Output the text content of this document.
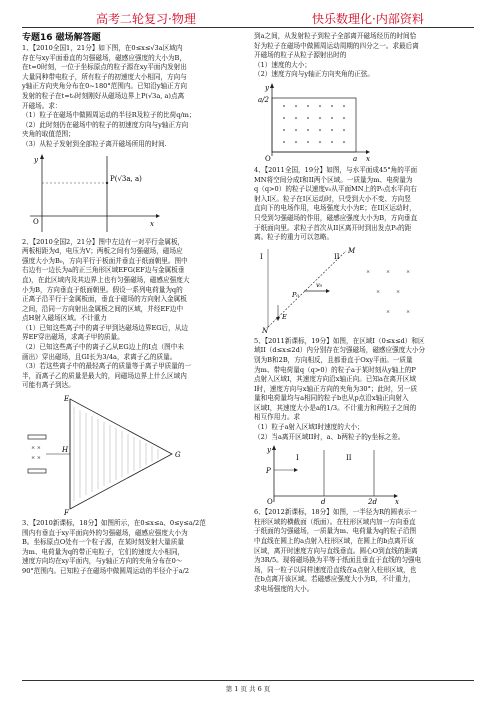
高考二轮复习·物理	快乐数理化·内部资料
专题16 磁场解答题

1、【2010全国1，21分】如下图，在0≤x≤√3a区域内

存在与xy平面垂直的匀强磁场，磁感应强度的大小为B，

在t=0时刻，一位于坐标原点的粒子源在xy平面内发射出

大量同种带电粒子，所有粒子的初速度大小相同，方向与

y轴正方向夹角分布在0~180°范围内。已知沿y轴正方向

发射的粒子在t=t₀时刻刚好从磁场边界上P(√3a, a)点离

开磁场。求：

（1）粒子在磁场中做圆周运动的半径R及粒子的比荷q/m；

（2）此时刻仍在磁场中的粒子的初速度方向与y轴正方向

夹角的取值范围；

（3）从粒子发射到全部粒子离开磁场所用的时间.

y
x
O
P(√3a, a)

2、【2010全国2，21分】图中左边有一对平行金属板，

两板相距为d，电压为V；两板之间有匀强磁场，磁场应

强度大小为B₀，方向平行于板面并垂直于纸面朝里。图中

右边有一边长为a的正三角形区域EFG(EF边与金属板垂

直)，在此区域内及其边界上也有匀强磁场，磁感应强度大

小为B，方向垂直于纸面朝里。假设一系列电荷量为q的

正离子沿平行于金属板面，垂直于磁场的方向射入金属板

之间，沿同一方向射出金属板之间的区域，并经EF边中

点H射入磁场区域。不计重力

（1）已知这些离子中的离子甲到达磁场边界EG后，从边

界EF穿出磁场，求离子甲的质量。

（2）已知这些离子中的离子乙从EG边上的I点（图中未

画出）穿出磁场，且GI长为3/4a，求离子乙的质量。

（3）若这些离子中的最轻离子的质量等于离子甲质量的一

半，而离子乙的质量是最大的，问磁场边界上什么区域内

可能有离子到达。

× ×
× ×
E
F
G
H

3、【2010新课标，18分】如图所示，在0≤x≤a、0≤y≤a/2范

围内有垂直于xy平面向外的匀强磁场，磁感应强度大小为

B。坐标原点O处有一个粒子源，在某时刻发射大量质量

为m、电荷量为q的带正电粒子，它们的速度大小相同，

速度方向均在xy平面内，与y轴正方向的夹角分布在0～

90°范围内。已知粒子在磁场中做圆周运动的半径介于a/2

到a之间，从发射粒子到粒子全部离开磁场经历的时间恰

好为粒子在磁场中做圆周运动周期的四分之一。求最后离

开磁场的粒子从粒子源射出时的

（1）速度的大小；

（2）速度方向与y轴正方向夹角的正弦。

y
a/2
O	a x

4、【2011全国，19分】如图，与水平面成45°角的平面

MN将空间分成I和II两个区域。一质量为m、电荷量为

q（q>0）的粒子以速度v₀从平面MN上的P₀点水平向右

射入I区。粒子在I区运动时，只受到大小不变、方向竖

直向下的电场作用，电场强度大小为E；在II区运动时，

只受到匀强磁场的作用，磁感应强度大小为B，方向垂直

于纸面向里。求粒子首次从II区离开时到出发点P₀的距

离。粒子的重力可以忽略。

×	×	×
×	×
×	×
I	II
M
N
P₀
v₀
E

5、【2011新课标，19分】如图，在区域I（0≤x≤d）和区

域II（d≤x≤2d）内分别存在匀强磁场，磁感应强度大小分

别为B和2B，方向相反，且都垂直于Oxy平面。一质量

为m、带电荷量q（q>0）的粒子a于某时刻从y轴上的P

点射入区域I，其速度方向沿x轴正向。已知a在离开区域

I时，速度方向与x轴正方向的夹角为30°；此时，另一质

量和电荷量均与a相同的粒子b也从p点沿x轴正向射入

区域I，其速度大小是a的1/3。不计重力和两粒子之间的

相互作用力。求

（1）粒子a射入区域I时速度的大小；

（2）当a离开区域II时，a、b两粒子的y坐标之差。

y
P
O
I	II
d	2d	x

6、【2012新课标，18分】如图，一半径为R的圆表示一

柱形区域的横截面（纸面）。在柱形区域内加一方向垂直

于纸面的匀强磁场，一质量为m、电荷量为q的粒子沿图

中直线在圆上的a点射入柱形区域，在圆上的b点离开该

区域，离开时速度方向与直线垂直。圆心O到直线的距离

为3R/5。现将磁场换为平等于纸面且垂直于直线的匀强电

场，同一粒子以同样速度沿直线在a点射入柱形区域，也

在b点离开该区域。若磁感应强度大小为B，不计重力，

求电场强度的大小。

第 1 页 共 6 页
